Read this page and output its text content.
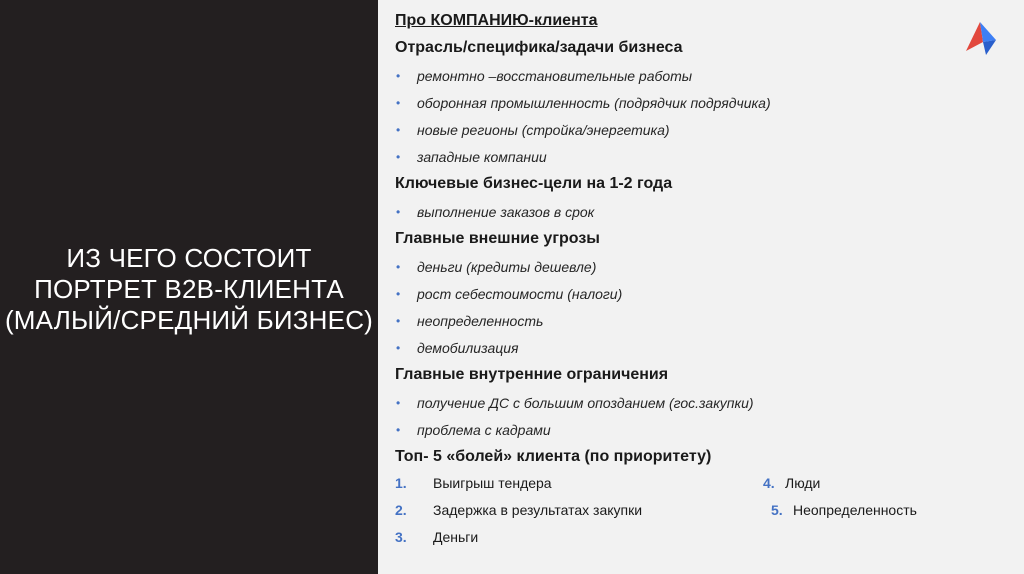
ИЗ ЧЕГО СОСТОИТ
ПОРТРЕТ B2B-КЛИЕНТА
(МАЛЫЙ/СРЕДНИЙ БИЗНЕС)
Про КОМПАНИЮ-клиента
Отрасль/специфика/задачи бизнеса
• ремонтно –восстановительные работы
• оборонная промышленность (подрядчик подрядчика)
• новые регионы (стройка/энергетика)
• западные компании
Ключевые бизнес-цели на 1-2 года
• выполнение заказов в срок
Главные внешние угрозы
• деньги (кредиты дешевле)
• рост себестоимости (налоги)
• неопределенность
• демобилизация
Главные внутренние ограничения
• получение ДС с большим опозданием (гос.закупки)
• проблема с кадрами
Топ- 5 «болей» клиента (по приоритету)
1. Выигрыш тендера
2. Задержка в результатах закупки
3. Деньги
4. Люди
5. Неопределенность
